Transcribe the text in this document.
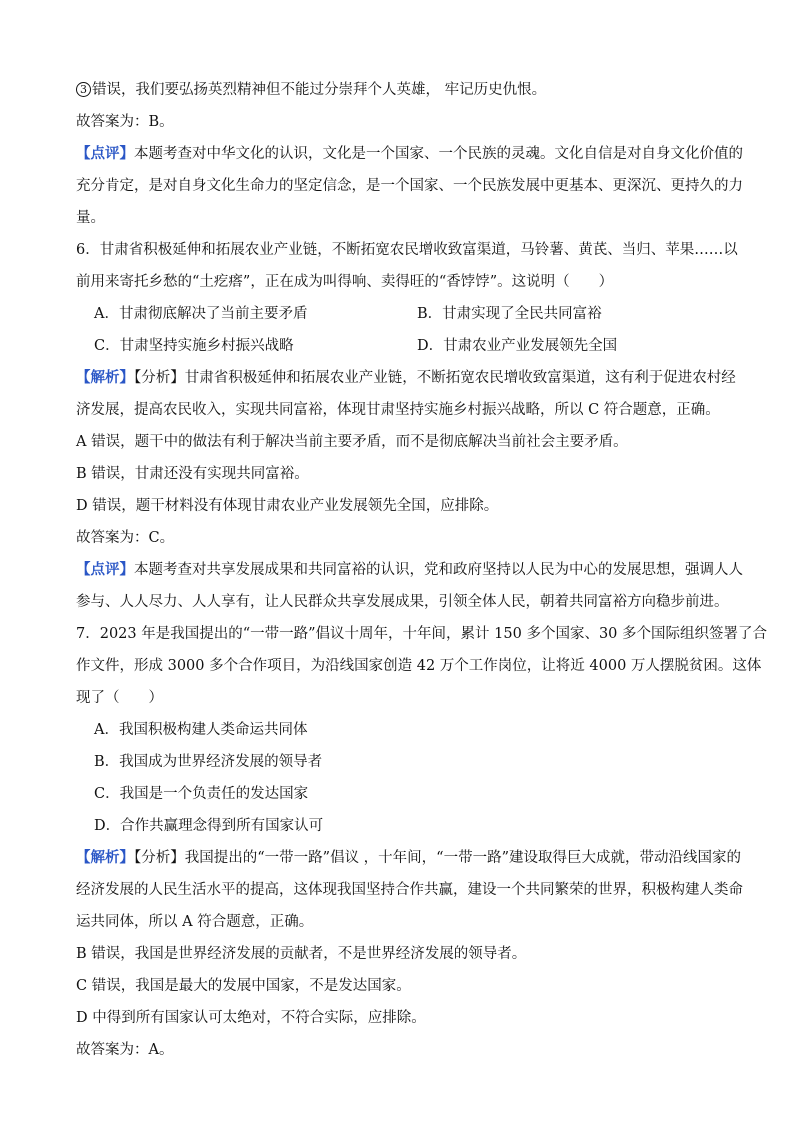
3 错误，我们要弘扬英烈精神但不能过分崇拜个人英雄， 牢记历史仇恨。
故答案为：B。
【点评】本题考查对中华文化的认识，文化是一个国家、一个民族的灵魂。文化自信是对自身文化价值的
充分肯定，是对自身文化生命力的坚定信念，是一个国家、一个民族发展中更基本、更深沉、更持久的力
量。
6．甘肃省积极延伸和拓展农业产业链，不断拓宽农民增收致富渠道，马铃薯、黄芪、当归、苹果……以
前用来寄托乡愁的“土疙瘩”，正在成为叫得响、卖得旺的“香饽饽”。这说明（　　）
A．甘肃彻底解决了当前主要矛盾	B．甘肃实现了全民共同富裕
C．甘肃坚持实施乡村振兴战略	D．甘肃农业产业发展领先全国
【解析】【分析】甘肃省积极延伸和拓展农业产业链，不断拓宽农民增收致富渠道，这有利于促进农村经
济发展，提高农民收入，实现共同富裕，体现甘肃坚持实施乡村振兴战略，所以 C 符合题意，正确。
A 错误，题干中的做法有利于解决当前主要矛盾，而不是彻底解决当前社会主要矛盾。
B 错误，甘肃还没有实现共同富裕。
D 错误，题干材料没有体现甘肃农业产业发展领先全国，应排除。
故答案为：C。
【点评】本题考查对共享发展成果和共同富裕的认识，党和政府坚持以人民为中心的发展思想，强调人人
参与、人人尽力、人人享有，让人民群众共享发展成果，引领全体人民，朝着共同富裕方向稳步前进。
7．2023 年是我国提出的“一带一路”倡议十周年，十年间，累计 150 多个国家、30 多个国际组织签署了合
作文件，形成 3000 多个合作项目，为沿线国家创造 42 万个工作岗位，让将近 4000 万人摆脱贫困。这体
现了（　　）
A．我国积极构建人类命运共同体
B．我国成为世界经济发展的领导者
C．我国是一个负责任的发达国家
D．合作共赢理念得到所有国家认可
【解析】【分析】我国提出的“一带一路”倡议 ，十年间，“一带一路”建设取得巨大成就，带动沿线国家的
经济发展的人民生活水平的提高，这体现我国坚持合作共赢，建设一个共同繁荣的世界，积极构建人类命
运共同体，所以 A 符合题意，正确。
B 错误，我国是世界经济发展的贡献者，不是世界经济发展的领导者。
C 错误，我国是最大的发展中国家，不是发达国家。
D 中得到所有国家认可太绝对，不符合实际，应排除。
故答案为：A。
